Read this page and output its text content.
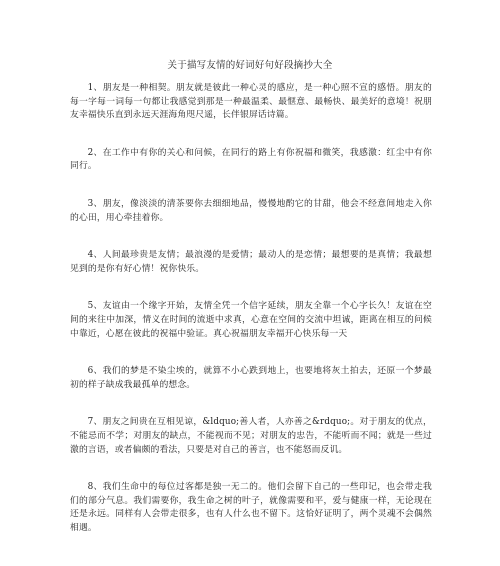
关于描写友情的好词好句好段摘抄大全

1、朋友是一种相契。朋友就是彼此一种心灵的感应，是一种心照不宣的感悟。朋友的每一字每一词每一句都让我感觉到那是一种最温柔、最惬意、最畅快、最美好的意境！祝朋友幸福快乐直到永远天涯海角咫尺遥，长伴银屏话诗篇。

2、在工作中有你的关心和问候，在同行的路上有你祝福和微笑，我感激：红尘中有你同行。

3、朋友，像淡淡的清茶要你去细细地品，慢慢地酌它的甘甜，他会不经意间地走入你的心田，用心牵挂着你。

4、人间最珍贵是友情；最浪漫的是爱情；最动人的是恋情；最想要的是真情；我最想见到的是你有好心情！祝你快乐。

5、友谊由一个缘字开始，友情全凭一个信字延续，朋友全靠一个心字长久！友谊在空间的来往中加深，情义在时间的流逝中求真，心意在空间的交流中坦诚，距离在相互的问候中靠近，心愿在彼此的祝福中验证。真心祝福朋友幸福开心快乐每一天

6、我们的梦是不染尘埃的，就算不小心跌到地上，也要地将灰土拍去，还原一个梦最初的样子缺成我最孤单的想念。

7、朋友之间贵在互相见谅，&ldquo;善人者，人亦善之&rdquo;。对于朋友的优点，不能忌而不学；对朋友的缺点，不能视而不见；对朋友的忠告，不能听而不闻；就是一些过激的言语，或者偏颇的看法，只要是对自己的善言，也不能怒而反讥。

8、我们生命中的每位过客都是独一无二的。他们会留下自己的一些印记，也会带走我们的部分气息。我们需要你，我生命之树的叶子，就像需要和平，爱与健康一样，无论现在还是永远。同样有人会带走很多，也有人什么也不留下。这恰好证明了，两个灵魂不会偶然相遇。
